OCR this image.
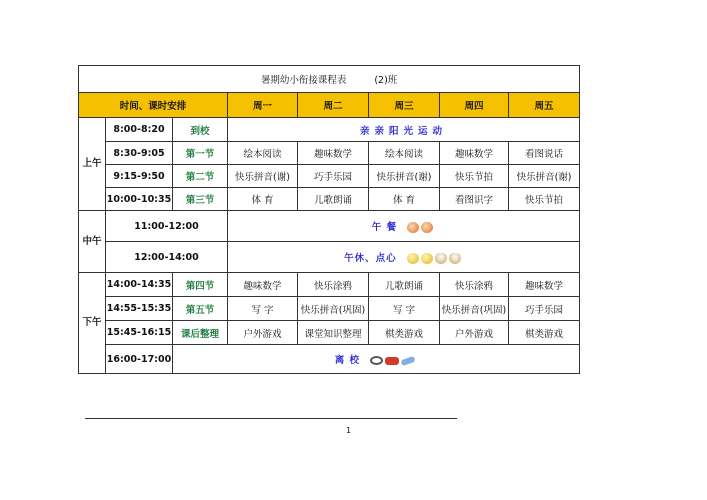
暑期幼小衔接课程表 (2)班							
时间、课时安排			周一	周二	周三	周四	周五
上午	8:00-8:20	到校	亲亲阳光运动				
	8:30-9:05	第一节	绘本阅读	趣味数学	绘本阅读	趣味数学	看图说话
	9:15-9:50	第二节	快乐拼音(谢)	巧手乐园	快乐拼音(谢)	快乐节拍	快乐拼音(谢)
	10:00-10:35	第三节	体 育	儿歌朗诵	体 育	看图识字	快乐节拍
中午	11:00-12:00		午 餐				
	12:00-14:00		午休、点心				
下午	14:00-14:35	第四节	趣味数学	快乐涂鸦	儿歌朗诵	快乐涂鸦	趣味数学
	14:55-15:35	第五节	写 字	快乐拼音(巩固)	写 字	快乐拼音(巩固)	巧手乐园
	15:45-16:15	课后整理	户外游戏	课堂知识整理	棋类游戏	户外游戏	棋类游戏
	16:00-17:00	离 校					
1
